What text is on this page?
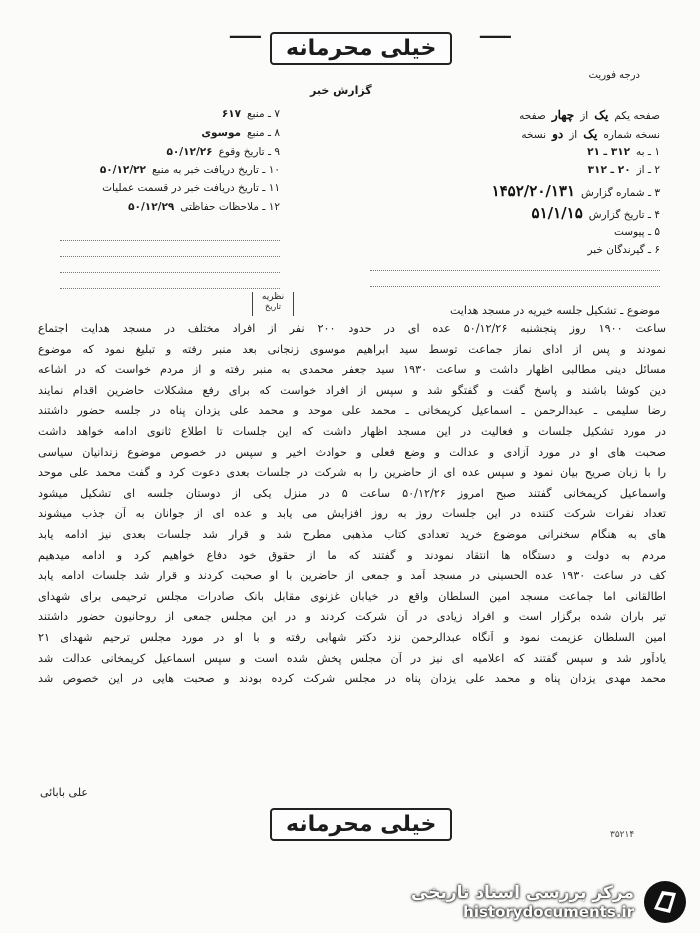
ـــــ
خیلی محرمانه
ـــــ
درجه فوریت
گزارش خبر
صفحه یکم
یک
از
چهار
صفحه
نسخه شماره
یک
از
دو
نسخه
۱ ـ به
۳۱۲ ـ ۲۱
۲ ـ از
۲۰ ـ ۳۱۲
۳ ـ شماره گزارش
۱۴۵۲/۲۰/۱۳۱
۴ ـ تاریخ گزارش
۵۱/۱/۱۵
۵ ـ پیوست
۶ ـ گیرندگان خبر
۷ ـ منبع
۶۱۷
۸ ـ منبع
موسوی
۹ ـ تاریخ وقوع
۵۰/۱۲/۲۶
۱۰ ـ تاریخ دریافت خبر به منبع
۵۰/۱۲/۲۲
۱۱ ـ تاریخ دریافت خبر در قسمت عملیات
۱۲ ـ ملاحظات حفاظتی
۵۰/۱۲/۲۹
نظریه
تاریخ	موضوع ـ تشکیل جلسه خیریه در مسجد هدایت
ساعت ۱۹۰۰ روز پنجشنبه ۵۰/۱۲/۲۶ عده ای در حدود ۲۰۰ نفر از افراد مختلف در مسجد هدایت اجتماع
نمودند و پس از ادای نماز جماعت توسط سید ابراهیم موسوی زنجانی بعد منبر رفته و تبلیغ نمود که موضوع
مسائل دینی مطالبی اظهار داشت و ساعت ۱۹۳۰ سید جعفر محمدی به منبر رفته و از مردم خواست که در اشاعه
دین کوشا باشند و پاسخ گفت و گفتگو شد و سپس از افراد خواست که برای رفع مشکلات حاضرین اقدام نمایند
رضا سلیمی ـ عبدالرحمن ـ اسماعیل کریمخانی ـ محمد علی موحد و محمد علی یزدان پناه در جلسه حضور داشتند
در مورد تشکیل جلسات و فعالیت در این مسجد اظهار داشت که این جلسات تا اطلاع ثانوی ادامه خواهد داشت
صحبت های او در مورد آزادی و عدالت و وضع فعلی و حوادث اخیر و سپس در خصوص موضوع زندانیان سیاسی
را با زبان صریح بیان نمود و سپس عده ای از حاضرین را به شرکت در جلسات بعدی دعوت کرد و گفت محمد علی موحد
واسماعیل کریمخانی گفتند صبح امروز ۵۰/۱۲/۲۶ ساعت ۵ در منزل یکی از دوستان جلسه ای تشکیل میشود
تعداد نفرات شرکت کننده در این جلسات روز به روز افزایش می یابد و عده ای از جوانان به آن جذب میشوند
های به هنگام سخنرانی موضوع خرید تعدادی کتاب مذهبی مطرح شد و قرار شد جلسات بعدی نیز ادامه یابد
مردم به دولت و دستگاه ها انتقاد نمودند و گفتند که ما از حقوق خود دفاع خواهیم کرد و ادامه میدهیم
کف در ساعت ۱۹۳۰ عده الحسینی در مسجد آمد و جمعی از حاضرین با او صحبت کردند و قرار شد جلسات ادامه یابد
اطالقانی اما جماعت مسجد امین السلطان واقع در خیابان غزنوی مقابل بانک صادرات مجلس ترحیمی برای شهدای
تیر باران شده برگزار است و افراد زیادی در آن شرکت کردند و در این مجلس جمعی از روحانیون حضور داشتند
امین السلطان عزیمت نمود و آنگاه عبدالرحمن نزد دکتر شهابی رفته و با او در مورد مجلس ترحیم شهدای ۲۱
یادآور شد و سپس گفتند که اعلامیه ای نیز در آن مجلس پخش شده است و سپس اسماعیل کریمخانی عدالت شد
محمد مهدی یزدان پناه و محمد علی یزدان پناه در مجلس شرکت کرده بودند و صحبت هایی در این خصوص شد
علی بابائی
خیلی محرمانه	۳۵۲۱۴
مرکز بررسی اسناد تاریخی
historydocuments.ir
